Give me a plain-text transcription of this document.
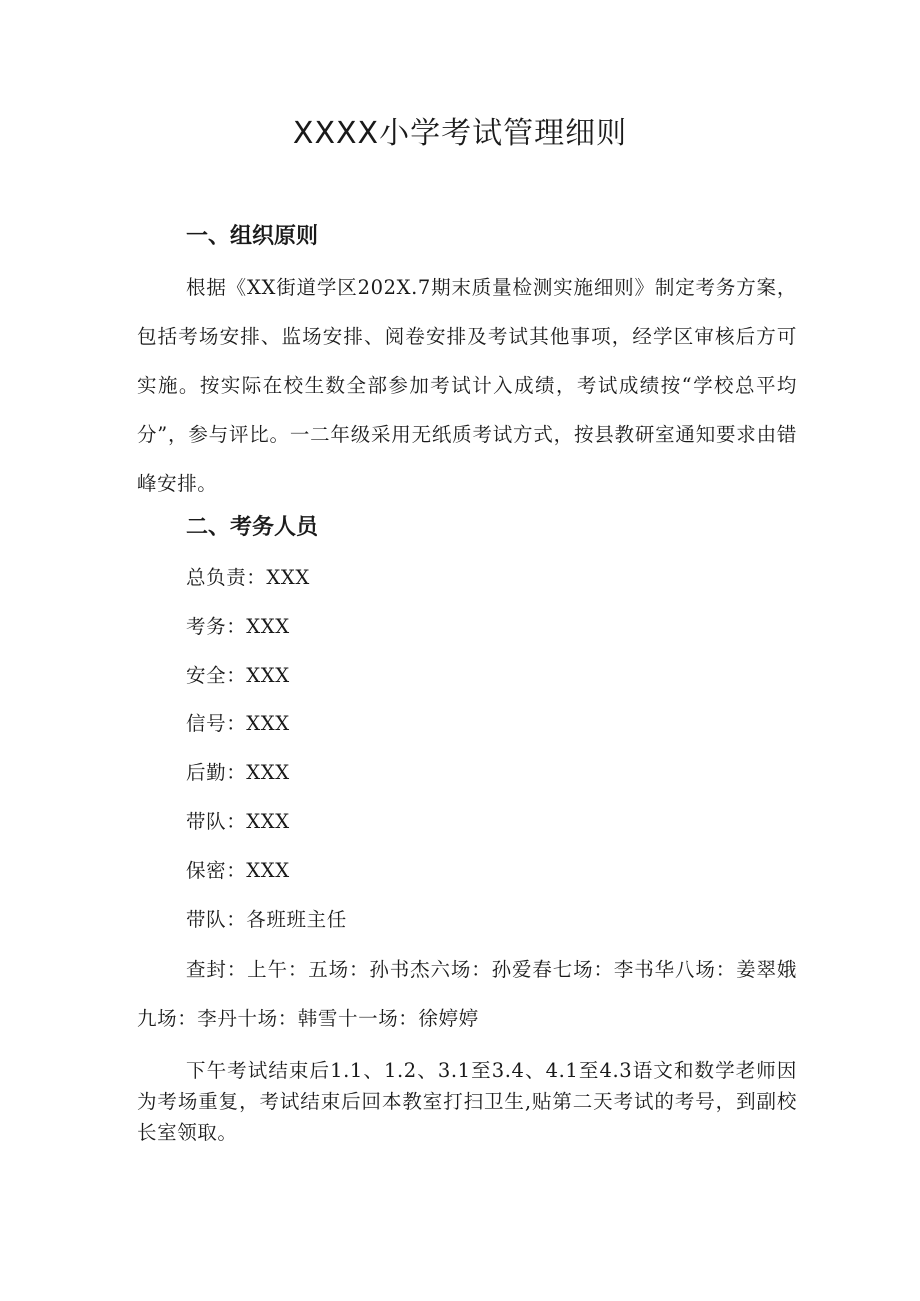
XXXX小学考试管理细则
一、组织原则

根据《XX街道学区202X.7期末质量检测实施细则》制定考务方案，包括考场安排、监场安排、阅卷安排及考试其他事项，经学区审核后方可实施。按实际在校生数全部参加考试计入成绩，考试成绩按“学校总平均分”，参与评比。一二年级采用无纸质考试方式，按县教研室通知要求由错峰安排。

二、考务人员
总负责：XXX
考务：XXX
安全：XXX
信号：XXX
后勤：XXX
带队：XXX
保密：XXX
带队：各班班主任

查封：上午：五场：孙书杰六场：孙爱春七场：李书华八场：姜翠娥九场：李丹十场：韩雪十一场：徐婷婷

下午考试结束后1.1、1.2、3.1至3.4、4.1至4.3语文和数学老师因为考场重复，考试结束后回本教室打扫卫生,贴第二天考试的考号，到副校长室领取。
